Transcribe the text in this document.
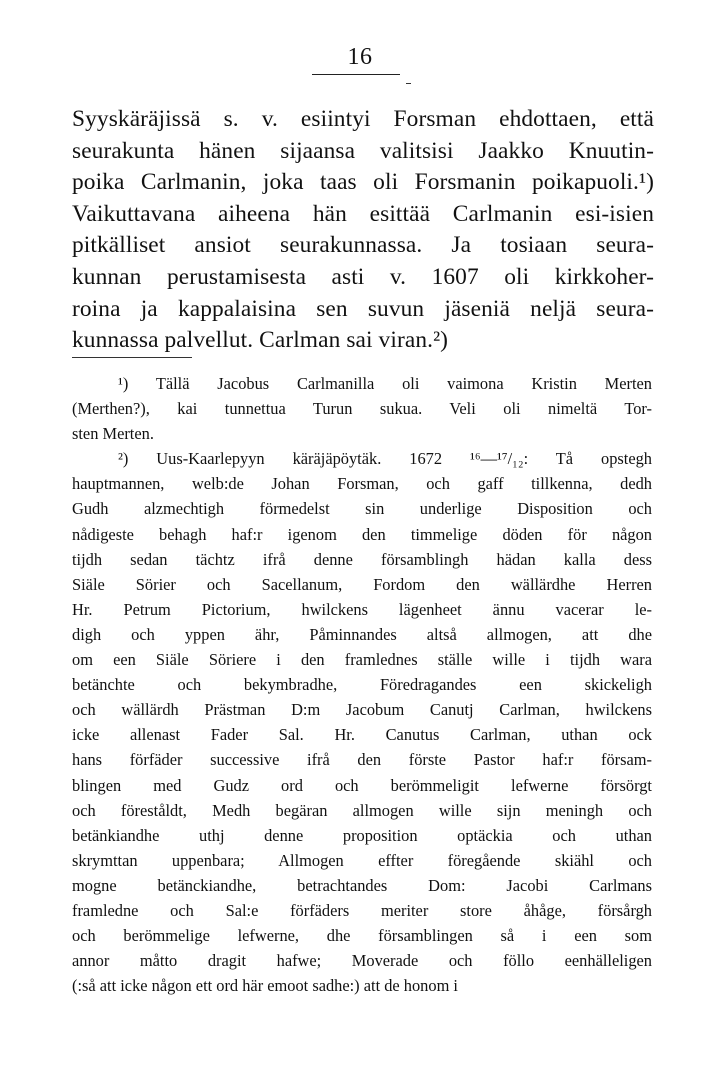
16
Syyskäräjissä s. v. esiintyi Forsman ehdottaen, että
seurakunta hänen sijaansa valitsisi Jaakko Knuutin-
poika Carlmanin, joka taas oli Forsmanin poikapuoli.¹)
Vaikuttavana aiheena hän esittää Carlmanin esi-isien
pitkälliset ansiot seurakunnassa. Ja tosiaan seura-
kunnan perustamisesta asti v. 1607 oli kirkkoher-
roina ja kappalaisina sen suvun jäseniä neljä seura-
kunnassa palvellut. Carlman sai viran.²)
¹) Tällä Jacobus Carlmanilla oli vaimona Kristin Merten
(Merthen?), kai tunnettua Turun sukua. Veli oli nimeltä Tor-
sten Merten.
²) Uus-Kaarlepyyn käräjäpöytäk. 1672 ¹⁶—¹⁷/₁₂: Tå opstegh
hauptmannen, welb:de Johan Forsman, och gaff tillkenna, dedh
Gudh alzmechtigh förmedelst sin underlige Disposition och
nådigeste behagh haf:r igenom den timmelige döden för någon
tijdh sedan tächtz ifrå denne församblingh hädan kalla dess
Siäle Sörier och Sacellanum, Fordom den wällärdhe Herren
Hr. Petrum Pictorium, hwilckens lägenheet ännu vacerar le-
digh och yppen ähr, Påminnandes altså allmogen, att dhe
om een Siäle Söriere i den framlednes ställe wille i tijdh wara
betänchte och bekymbradhe, Föredragandes een skickeligh
och wällärdh Prästman D:m Jacobum Canutj Carlman, hwilckens
icke allenast Fader Sal. Hr. Canutus Carlman, uthan ock
hans förfäder successive ifrå den förste Pastor haf:r försam-
blingen med Gudz ord och berömmeligit lefwerne försörgt
och föreståldt, Medh begäran allmogen wille sijn meningh och
betänkiandhe uthj denne proposition optäckia och uthan
skrymttan uppenbara; Allmogen effter föregående skiähl och
mogne betänckiandhe, betrachtandes Dom: Jacobi Carlmans
framledne och Sal:e förfäders meriter store åhåge, försårgh
och berömmelige lefwerne, dhe församblingen så i een som
annor måtto dragit hafwe; Moverade och föllo eenhälleligen
(:så att icke någon ett ord här emoot sadhe:) att de honom i
